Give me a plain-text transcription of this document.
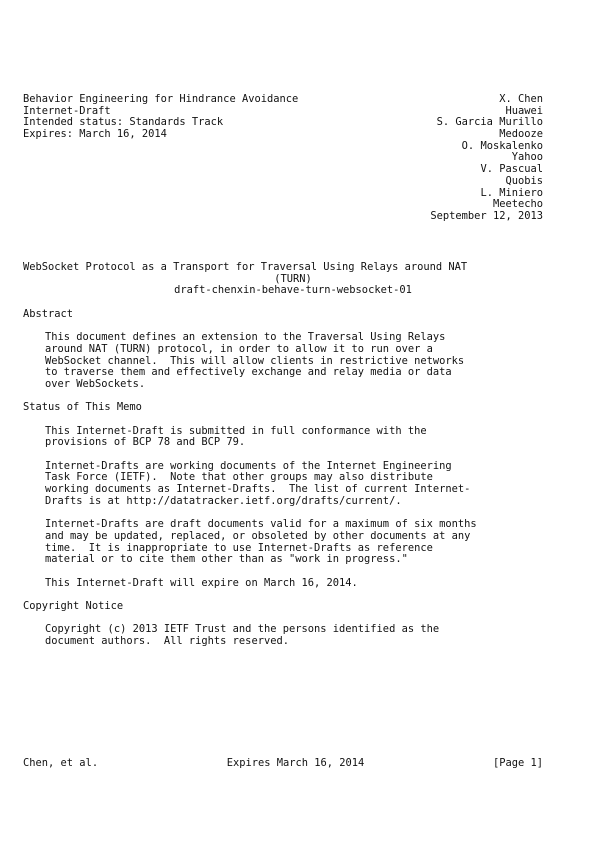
Behavior Engineering for Hindrance Avoidance	X. Chen
Internet-Draft	Huawei
Intended status: Standards Track	S. Garcia Murillo
Expires: March 16, 2014	Medooze
O. Moskalenko
Yahoo
V. Pascual
Quobis
L. Miniero
Meetecho
September 12, 2013
WebSocket Protocol as a Transport for Traversal Using Relays around NAT
(TURN)
draft-chenxin-behave-turn-websocket-01
Abstract
This document defines an extension to the Traversal Using Relays
around NAT (TURN) protocol, in order to allow it to run over a
WebSocket channel.  This will allow clients in restrictive networks
to traverse them and effectively exchange and relay media or data
over WebSockets.
Status of This Memo
This Internet-Draft is submitted in full conformance with the
provisions of BCP 78 and BCP 79.
Internet-Drafts are working documents of the Internet Engineering
Task Force (IETF).  Note that other groups may also distribute
working documents as Internet-Drafts.  The list of current Internet-
Drafts is at http://datatracker.ietf.org/drafts/current/.
Internet-Drafts are draft documents valid for a maximum of six months
and may be updated, replaced, or obsoleted by other documents at any
time.  It is inappropriate to use Internet-Drafts as reference
material or to cite them other than as "work in progress."
This Internet-Draft will expire on March 16, 2014.
Copyright Notice
Copyright (c) 2013 IETF Trust and the persons identified as the
document authors.  All rights reserved.
Chen, et al.	Expires March 16, 2014	[Page 1]
